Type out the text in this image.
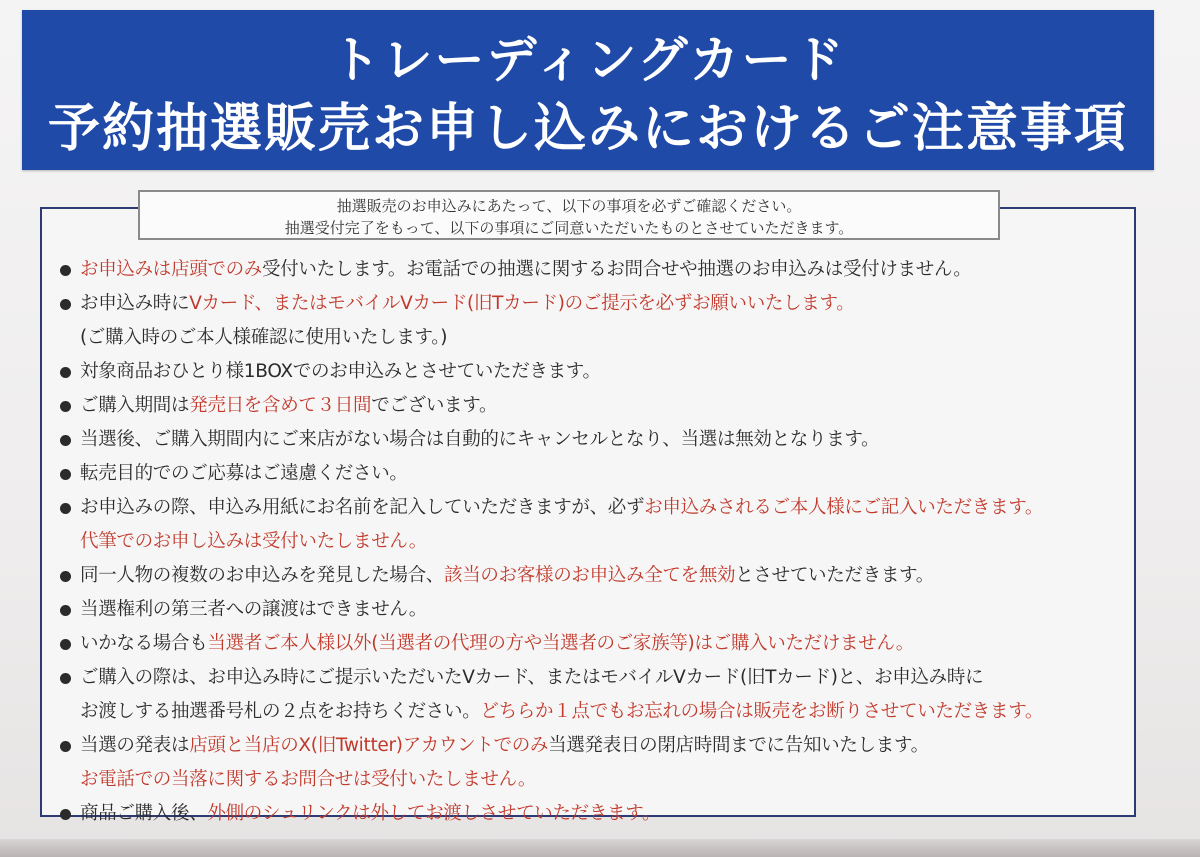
トレーディングカード
予約抽選販売お申し込みにおけるご注意事項
抽選販売のお申込みにあたって、以下の事項を必ずご確認ください。
抽選受付完了をもって、以下の事項にご同意いただいたものとさせていただきます。
お申込みは店頭でのみ受付いたします。お電話での抽選に関するお問合せや抽選のお申込みは受付けません。
お申込み時にVカード、またはモバイルVカード(旧Tカード)のご提示を必ずお願いいたします。
(ご購入時のご本人様確認に使用いたします。)
対象商品おひとり様1BOXでのお申込みとさせていただきます。
ご購入期間は発売日を含めて３日間でございます。
当選後、ご購入期間内にご来店がない場合は自動的にキャンセルとなり、当選は無効となります。
転売目的でのご応募はご遠慮ください。
お申込みの際、申込み用紙にお名前を記入していただきますが、必ずお申込みされるご本人様にご記入いただきます。
代筆でのお申し込みは受付いたしません。
同一人物の複数のお申込みを発見した場合、該当のお客様のお申込み全てを無効とさせていただきます。
当選権利の第三者への譲渡はできません。
いかなる場合も当選者ご本人様以外(当選者の代理の方や当選者のご家族等)はご購入いただけません。
ご購入の際は、お申込み時にご提示いただいたVカード、またはモバイルVカード(旧Tカード)と、お申込み時に
お渡しする抽選番号札の２点をお持ちください。どちらか１点でもお忘れの場合は販売をお断りさせていただきます。
当選の発表は店頭と当店のX(旧Twitter)アカウントでのみ当選発表日の閉店時間までに告知いたします。
お電話での当落に関するお問合せは受付いたしません。
商品ご購入後、外側のシュリンクは外してお渡しさせていただきます。
